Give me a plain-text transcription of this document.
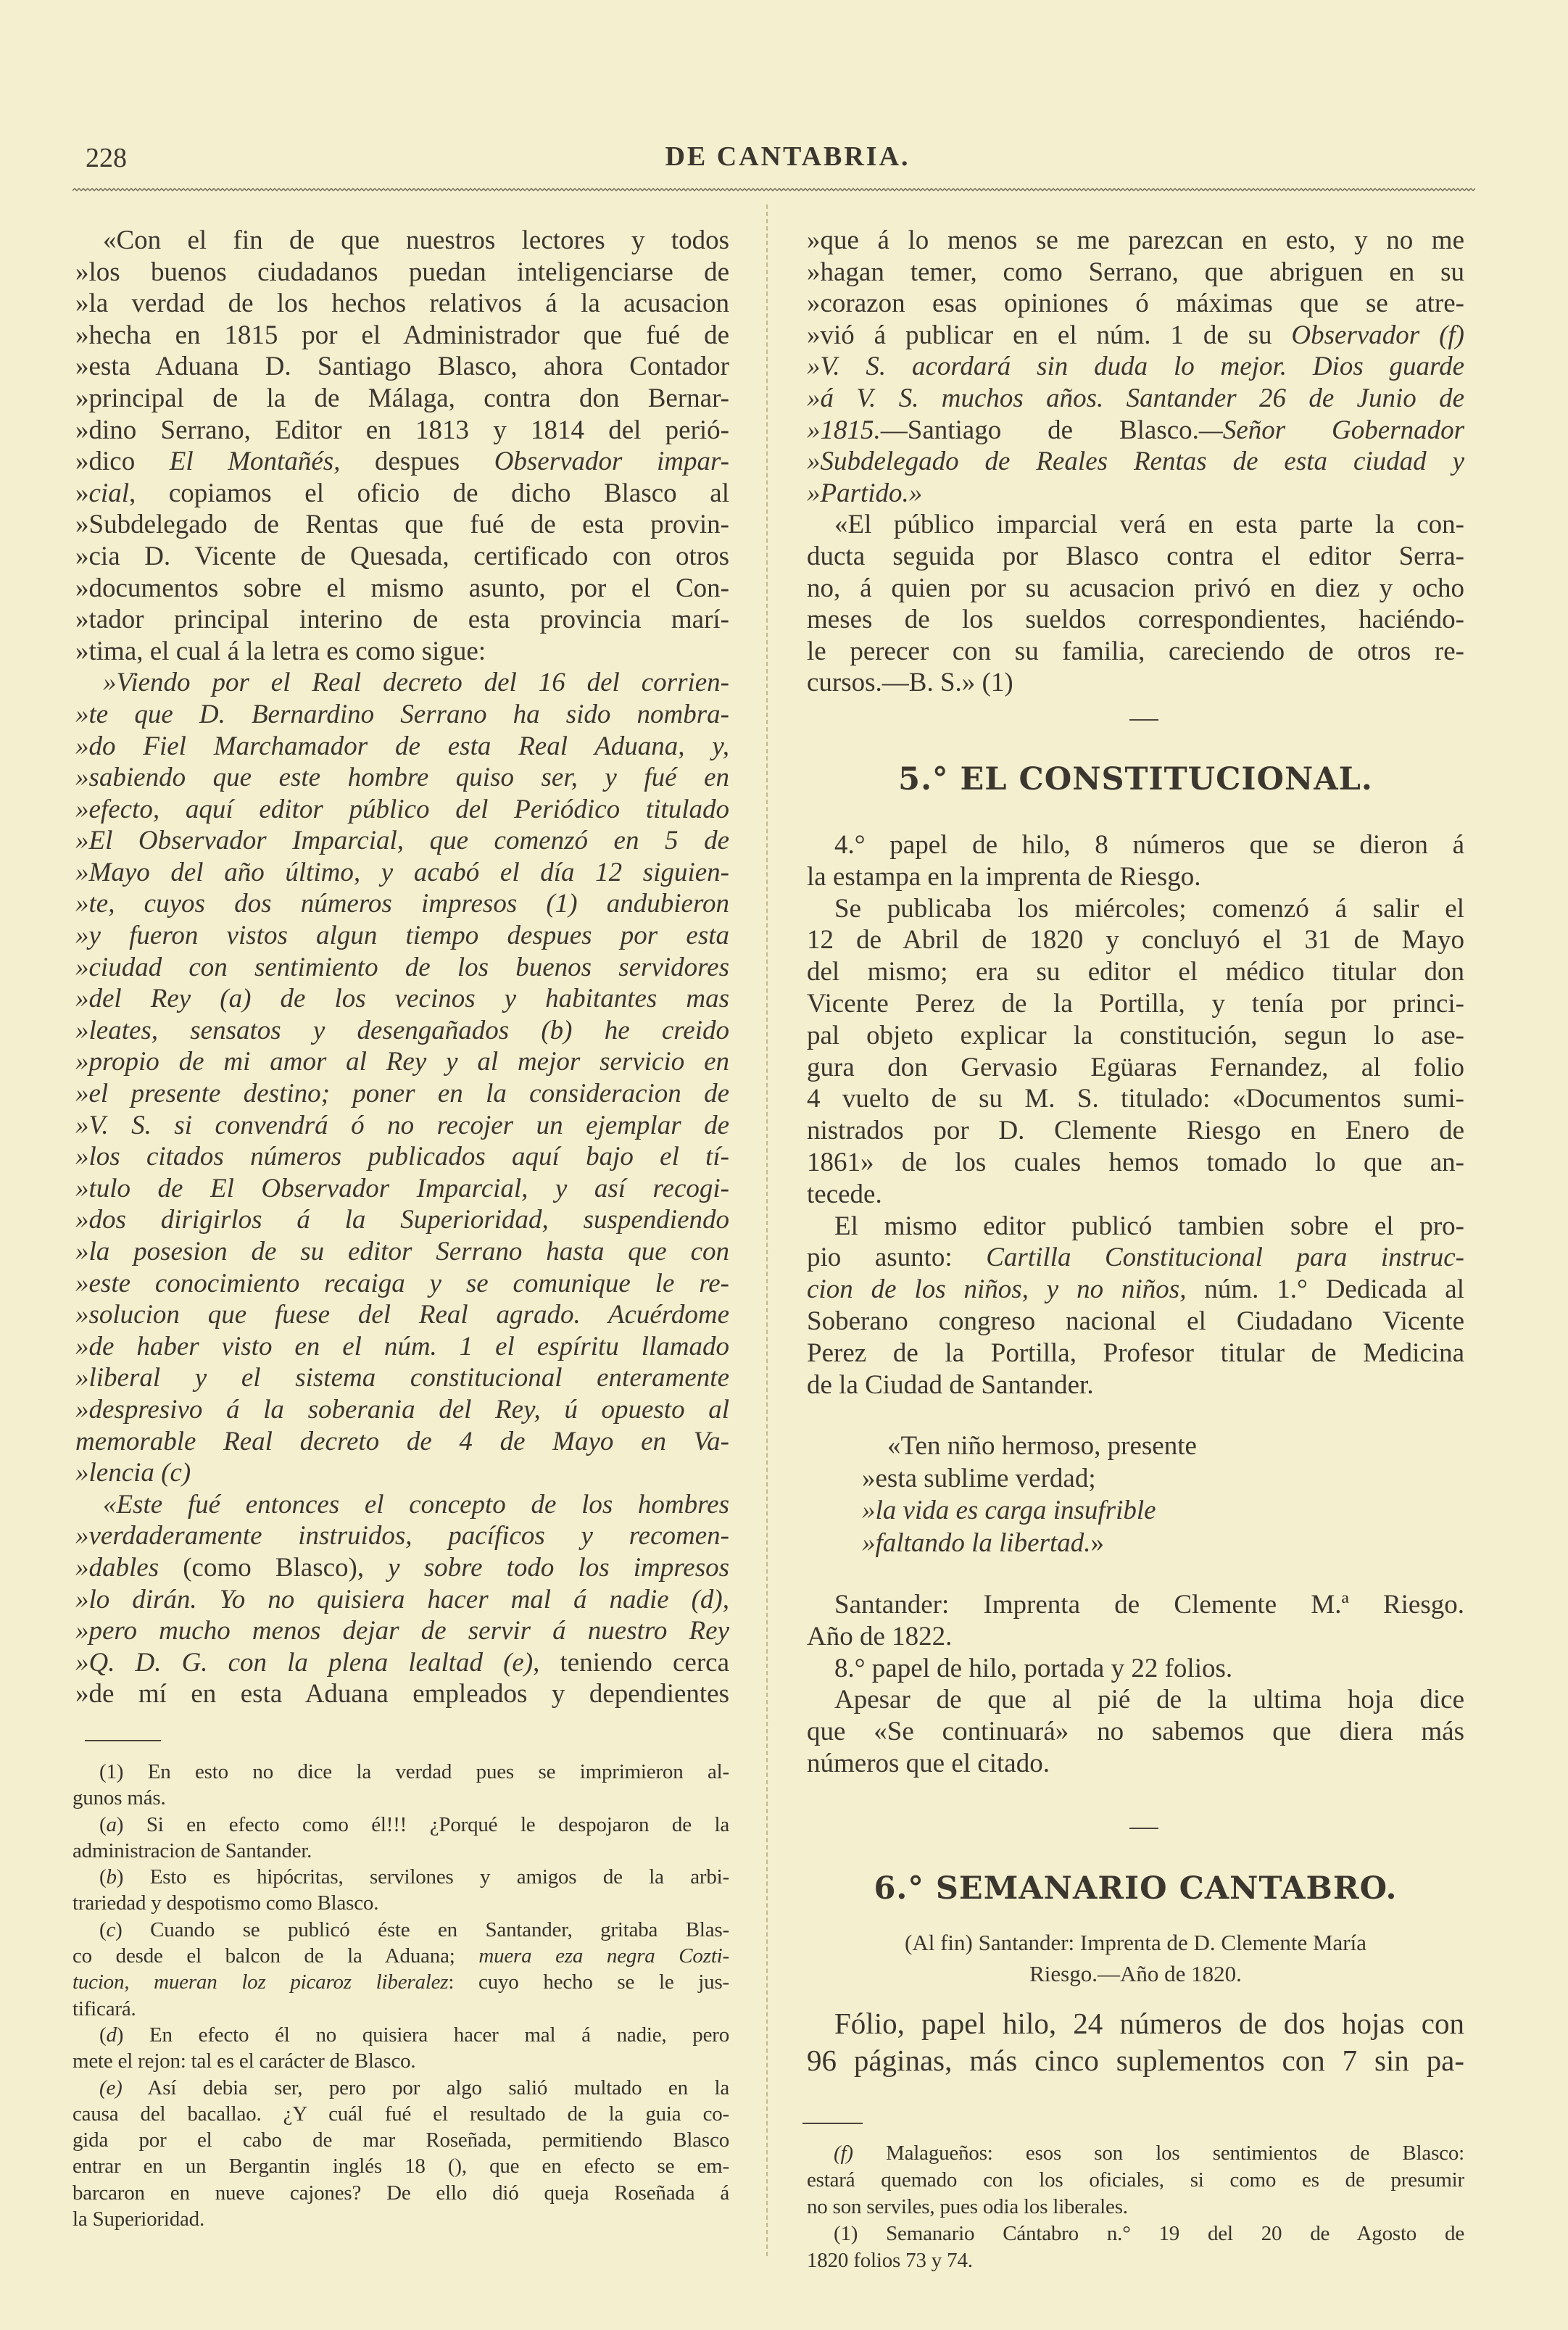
228	DE CANTABRIA.
«Con el fin de que nuestros lectores y todos
»los buenos ciudadanos puedan inteligenciarse de
»la verdad de los hechos relativos á la acusacion
»hecha en 1815 por el Administrador que fué de
»esta Aduana D. Santiago Blasco, ahora Contador
»principal de la de Málaga, contra don Bernar-
»dino Serrano, Editor en 1813 y 1814 del perió-
»dico El Montañés, despues Observador impar-
»cial, copiamos el oficio de dicho Blasco al
»Subdelegado de Rentas que fué de esta provin-
»cia D. Vicente de Quesada, certificado con otros
»documentos sobre el mismo asunto, por el Con-
»tador principal interino de esta provincia marí-
»tima, el cual á la letra es como sigue:
»Viendo por el Real decreto del 16 del corrien-
»te que D. Bernardino Serrano ha sido nombra-
»do Fiel Marchamador de esta Real Aduana, y,
»sabiendo que este hombre quiso ser, y fué en
»efecto, aquí editor público del Periódico titulado
»El Observador Imparcial, que comenzó en 5 de
»Mayo del año último, y acabó el día 12 siguien-
»te, cuyos dos números impresos (1) andubieron
»y fueron vistos algun tiempo despues por esta
»ciudad con sentimiento de los buenos servidores
»del Rey (a) de los vecinos y habitantes mas
»leates, sensatos y desengañados (b) he creido
»propio de mi amor al Rey y al mejor servicio en
»el presente destino; poner en la consideracion de
»V. S. si convendrá ó no recojer un ejemplar de
»los citados números publicados aquí bajo el tí-
»tulo de El Observador Imparcial, y así recogi-
»dos dirigirlos á la Superioridad, suspendiendo
»la posesion de su editor Serrano hasta que con
»este conocimiento recaiga y se comunique le re-
»solucion que fuese del Real agrado. Acuérdome
»de haber visto en el núm. 1 el espíritu llamado
»liberal y el sistema constitucional enteramente
»despresivo á la soberania del Rey, ú opuesto al
memorable Real decreto de 4 de Mayo en Va-
»lencia (c)
«Este fué entonces el concepto de los hombres
»verdaderamente instruidos, pacíficos y recomen-
»dables (como Blasco), y sobre todo los impresos
»lo dirán. Yo no quisiera hacer mal á nadie (d),
»pero mucho menos dejar de servir á nuestro Rey
»Q. D. G. con la plena lealtad (e), teniendo cerca
»de mí en esta Aduana empleados y dependientes
(1) En esto no dice la verdad pues se imprimieron al-
gunos más.
(a) Si en efecto como él!!! ¿Porqué le despojaron de la
administracion de Santander.
(b) Esto es hipócritas, servilones y amigos de la arbi-
trariedad y despotismo como Blasco.
(c) Cuando se publicó éste en Santander, gritaba Blas-
co desde el balcon de la Aduana; muera eza negra Cozti-
tucion, mueran loz picaroz liberalez: cuyo hecho se le jus-
tificará.
(d) En efecto él no quisiera hacer mal á nadie, pero
mete el rejon: tal es el carácter de Blasco.
(e) Así debia ser, pero por algo salió multado en la
causa del bacallao. ¿Y cuál fué el resultado de la guia co-
gida por el cabo de mar Roseñada, permitiendo Blasco
entrar en un Bergantin inglés 18 (), que en efecto se em-
barcaron en nueve cajones? De ello dió queja Roseñada á
la Superioridad.
»que á lo menos se me parezcan en esto, y no me
»hagan temer, como Serrano, que abriguen en su
»corazon esas opiniones ó máximas que se atre-
»vió á publicar en el núm. 1 de su Observador (f)
»V. S. acordará sin duda lo mejor. Dios guarde
»á V. S. muchos años. Santander 26 de Junio de
»1815.—Santiago de Blasco.—Señor Gobernador
»Subdelegado de Reales Rentas de esta ciudad y
»Partido.»
«El público imparcial verá en esta parte la con-
ducta seguida por Blasco contra el editor Serra-
no, á quien por su acusacion privó en diez y ocho
meses de los sueldos correspondientes, haciéndo-
le perecer con su familia, careciendo de otros re-
cursos.—B. S.» (1)
5.° EL CONSTITUCIONAL.
4.° papel de hilo, 8 números que se dieron á
la estampa en la imprenta de Riesgo.
Se publicaba los miércoles; comenzó á salir el
12 de Abril de 1820 y concluyó el 31 de Mayo
del mismo; era su editor el médico titular don
Vicente Perez de la Portilla, y tenía por princi-
pal objeto explicar la constitución, segun lo ase-
gura don Gervasio Egüaras Fernandez, al folio
4 vuelto de su M. S. titulado: «Documentos sumi-
nistrados por D. Clemente Riesgo en Enero de
1861» de los cuales hemos tomado lo que an-
tecede.
El mismo editor publicó tambien sobre el pro-
pio asunto: Cartilla Constitucional para instruc-
cion de los niños, y no niños, núm. 1.° Dedicada al
Soberano congreso nacional el Ciudadano Vicente
Perez de la Portilla, Profesor titular de Medicina
de la Ciudad de Santander.
«Ten niño hermoso, presente
»esta sublime verdad;
»la vida es carga insufrible
»faltando la libertad.»
Santander: Imprenta de Clemente M.ª Riesgo.
Año de 1822.
8.° papel de hilo, portada y 22 folios.
Apesar de que al pié de la ultima hoja dice
que «Se continuará» no sabemos que diera más
números que el citado.
6.° SEMANARIO CANTABRO.
(Al fin) Santander: Imprenta de D. Clemente María
Riesgo.—Año de 1820.
Fólio, papel hilo, 24 números de dos hojas con
96 páginas, más cinco suplementos con 7 sin pa-
(f) Malagueños: esos son los sentimientos de Blasco:
estará quemado con los oficiales, si como es de presumir
no son serviles, pues odia los liberales.
(1) Semanario Cántabro n.° 19 del 20 de Agosto de
1820 folios 73 y 74.
